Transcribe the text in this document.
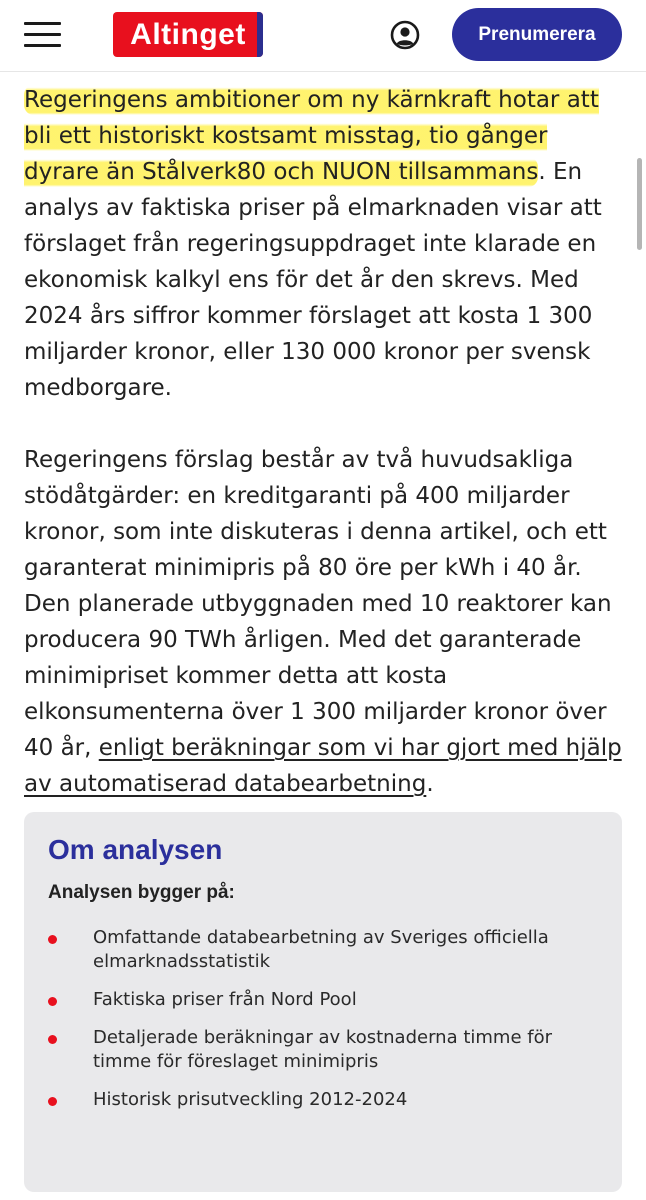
Altinget	Prenumerera

Regeringens ambitioner om ny kärnkraft hotar att bli ett historiskt kostsamt misstag, tio gånger dyrare än Stålverk80 och NUON tillsammans. En analys av faktiska priser på elmarknaden visar att förslaget från regeringsuppdraget inte klarade en ekonomisk kalkyl ens för det år den skrevs. Med 2024 års siffror kommer förslaget att kosta 1 300 miljarder kronor, eller 130 000 kronor per svensk medborgare.

Regeringens förslag består av två huvudsakliga stödåtgärder: en kreditgaranti på 400 miljarder kronor, som inte diskuteras i denna artikel, och ett garanterat minimipris på 80 öre per kWh i 40 år. Den planerade utbyggnaden med 10 reaktorer kan producera 90 TWh årligen. Med det garanterade minimipriset kommer detta att kosta elkonsumenterna över 1 300 miljarder kronor över 40 år, enligt beräkningar som vi har gjort med hjälp av automatiserad databearbetning.

Om analysen
Analysen bygger på:
Omfattande databearbetning av Sveriges officiella elmarknadsstatistik
Faktiska priser från Nord Pool
Detaljerade beräkningar av kostnaderna timme för timme för föreslaget minimipris
Historisk prisutveckling 2012-2024
